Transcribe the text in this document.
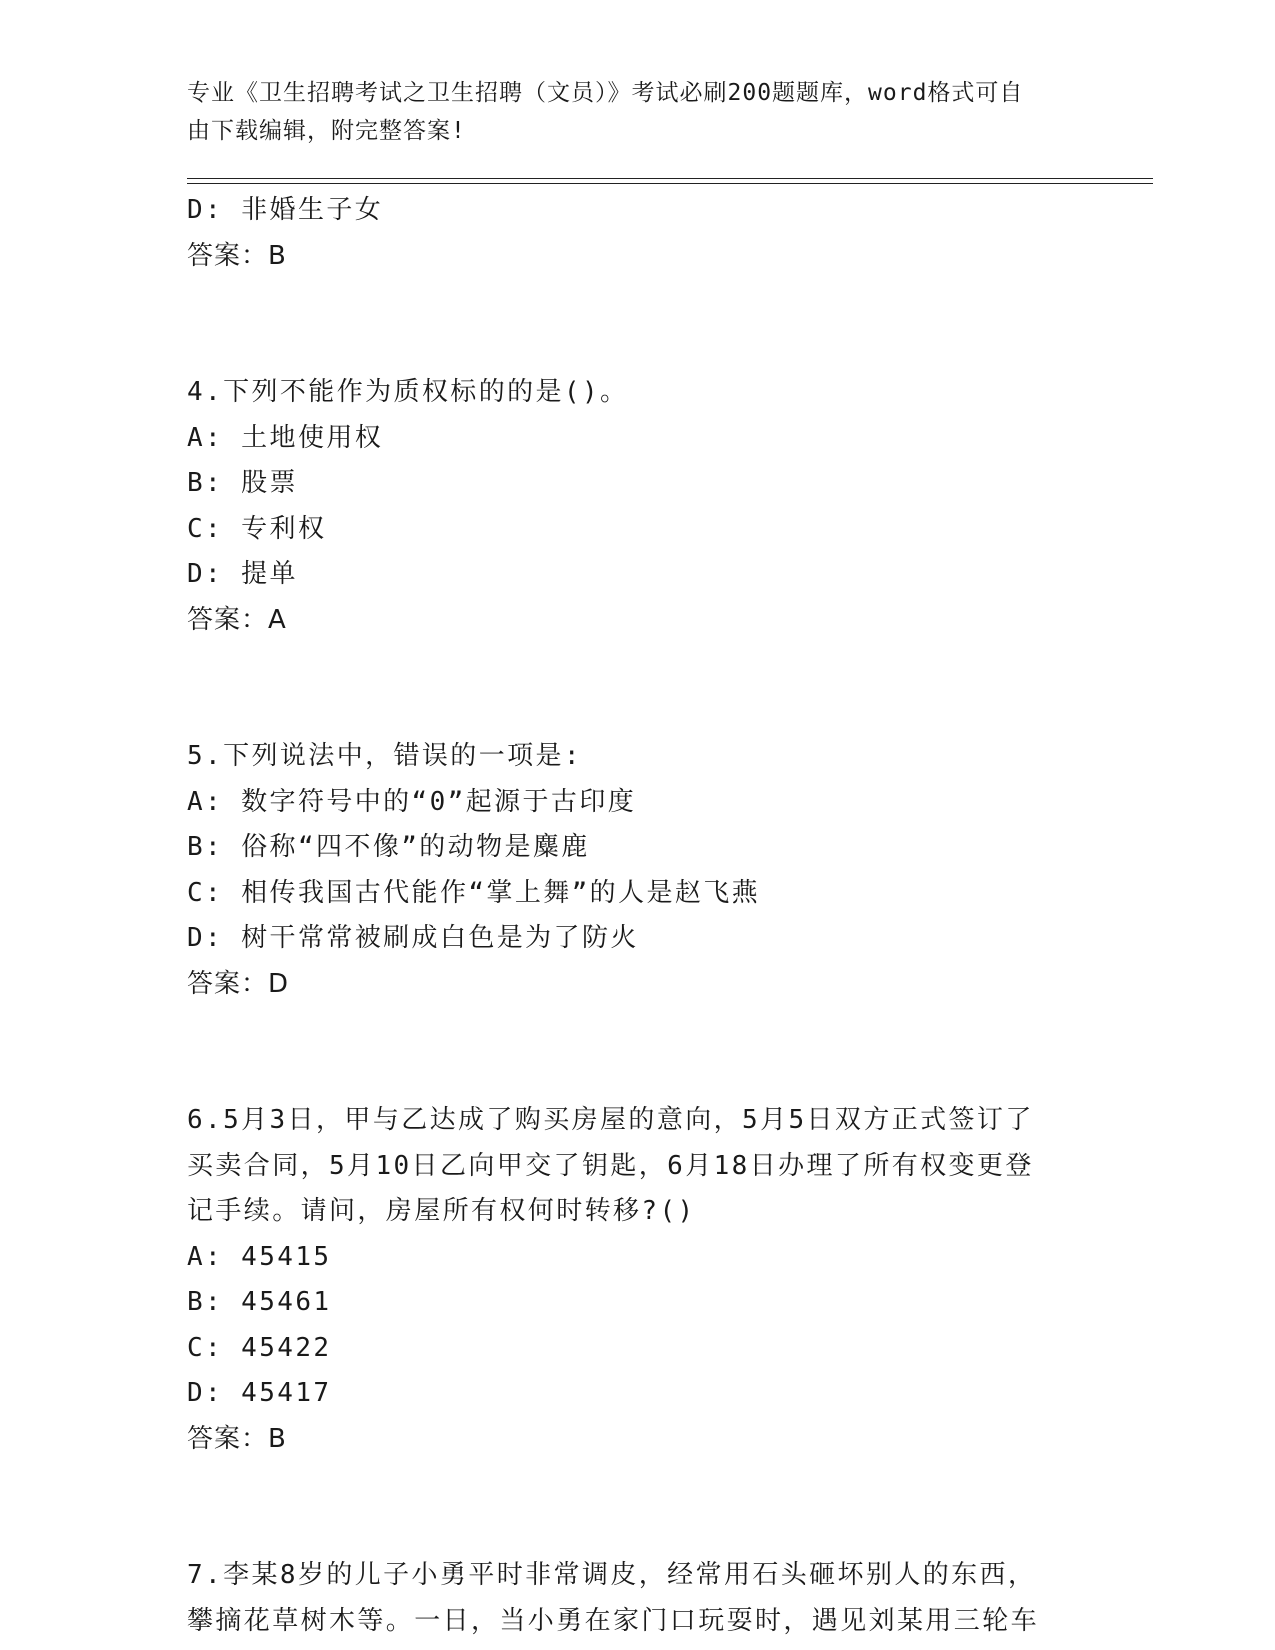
专业《卫生招聘考试之卫生招聘（文员）》考试必刷200题题库，word格式可自
由下载编辑，附完整答案!
D: 非婚生子女
答案：B
4.下列不能作为质权标的的是()。
A: 土地使用权
B: 股票
C: 专利权
D: 提单
答案：A
5.下列说法中，错误的一项是:
A: 数字符号中的“0”起源于古印度
B: 俗称“四不像”的动物是麋鹿
C: 相传我国古代能作“掌上舞”的人是赵飞燕
D: 树干常常被刷成白色是为了防火
答案：D
6.5月3日，甲与乙达成了购买房屋的意向，5月5日双方正式签订了
买卖合同，5月10日乙向甲交了钥匙，6月18日办理了所有权变更登
记手续。请问，房屋所有权何时转移?()
A: 45415
B: 45461
C: 45422
D: 45417
答案：B
7.李某8岁的儿子小勇平时非常调皮，经常用石头砸坏别人的东西，
攀摘花草树木等。一日，当小勇在家门口玩耍时，遇见刘某用三轮车
